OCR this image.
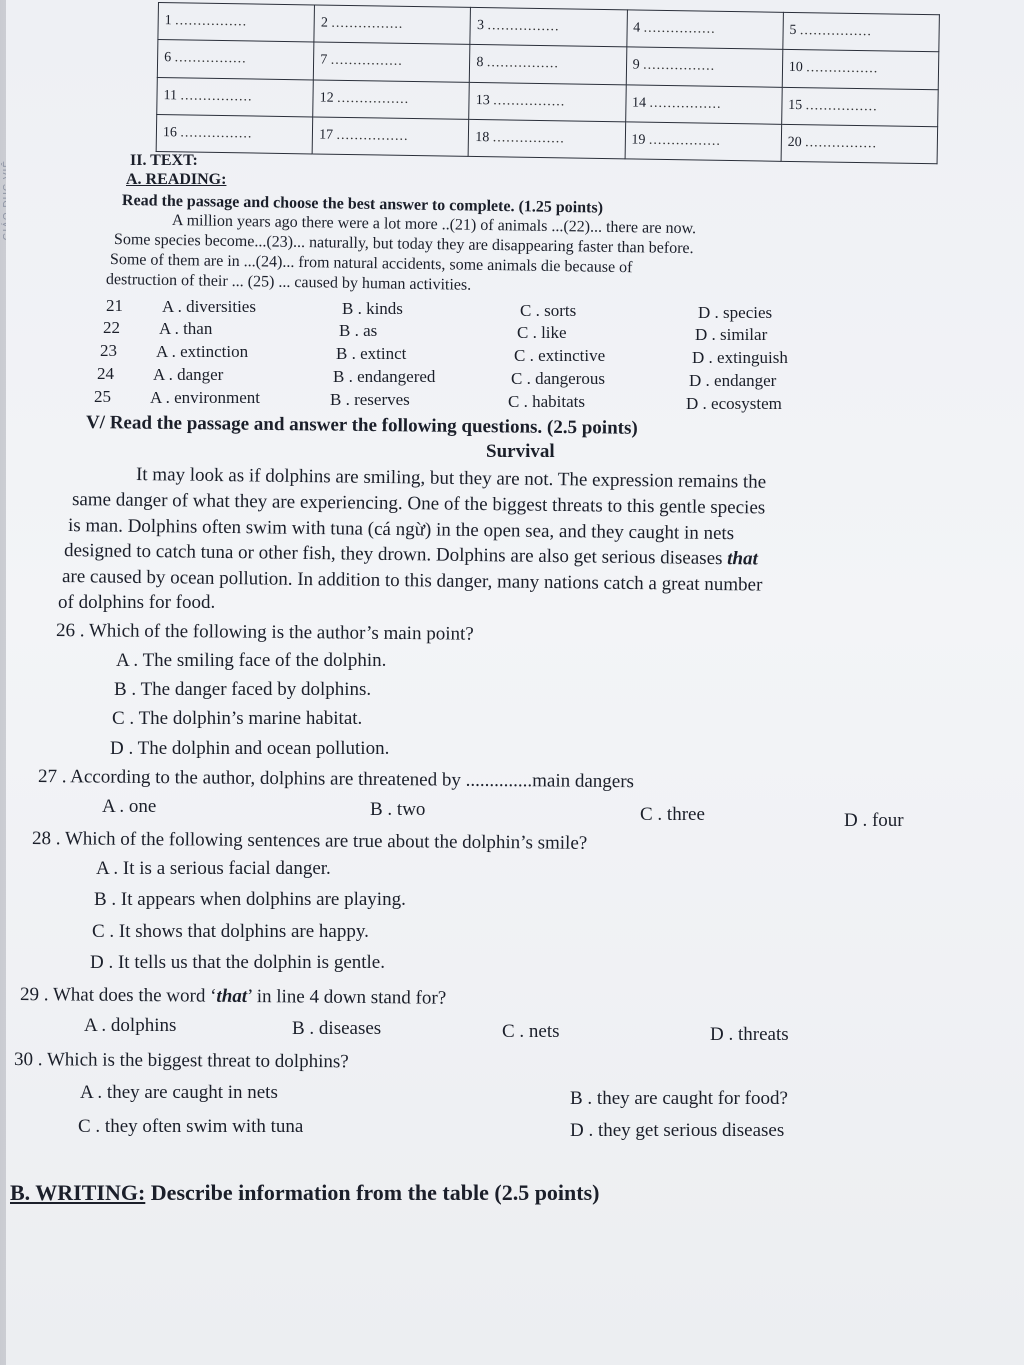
1 ................	2 ................	3 ................	4 ................	5 ................
6 ................	7 ................	8 ................	9 ................	10 ................
11 ................	12 ................	13 ................	14 ................	15 ................
16 ................	17 ................	18 ................	19 ................	20 ................
II. TEXT:
A. READING:
Read the passage and choose the best answer to complete. (1.25 points)
A million years ago there were a lot more ..(21) of animals ...(22)... there are now.
Some species become...(23)... naturally, but today they are disappearing faster than before.
Some of them are in ...(24)... from natural accidents, some animals die because of
destruction of their ... (25) ... caused by human activities.
21 A . diversities	B . kinds	C . sorts	D . species
22 A . than	B . as	C . like	D . similar
23 A . extinction	B . extinct	C . extinctive	D . extinguish
24 A . danger	B . endangered	C . dangerous	D . endanger
25 A . environment	B . reserves	C . habitats	D . ecosystem
V/ Read the passage and answer the following questions. (2.5 points)
Survival
It may look as if dolphins are smiling, but they are not. The expression remains the
same danger of what they are experiencing. One of the biggest threats to this gentle species
is man. Dolphins often swim with tuna (cá ngừ) in the open sea, and they caught in nets
designed to catch tuna or other fish, they drown. Dolphins are also get serious diseases that
are caused by ocean pollution. In addition to this danger, many nations catch a great number
of dolphins for food.
26 . Which of the following is the author’s main point?
A . The smiling face of the dolphin.
B . The danger faced by dolphins.
C . The dolphin’s marine habitat.
D . The dolphin and ocean pollution.
27 . According to the author, dolphins are threatened by ..............main dangers
A . one	B . two	C . three	D . four
28 . Which of the following sentences are true about the dolphin’s smile?
A . It is a serious facial danger.
B . It appears when dolphins are playing.
C . It shows that dolphins are happy.
D . It tells us that the dolphin is gentle.
29 . What does the word ‘that’ in line 4 down stand for?
A . dolphins	B . diseases	C . nets	D . threats
30 . Which is the biggest threat to dolphins?
A . they are caught in nets	B . they are caught for food?
C . they often swim with tuna	D . they get serious diseases
B. WRITING: Describe information from the table (2.5 points)
